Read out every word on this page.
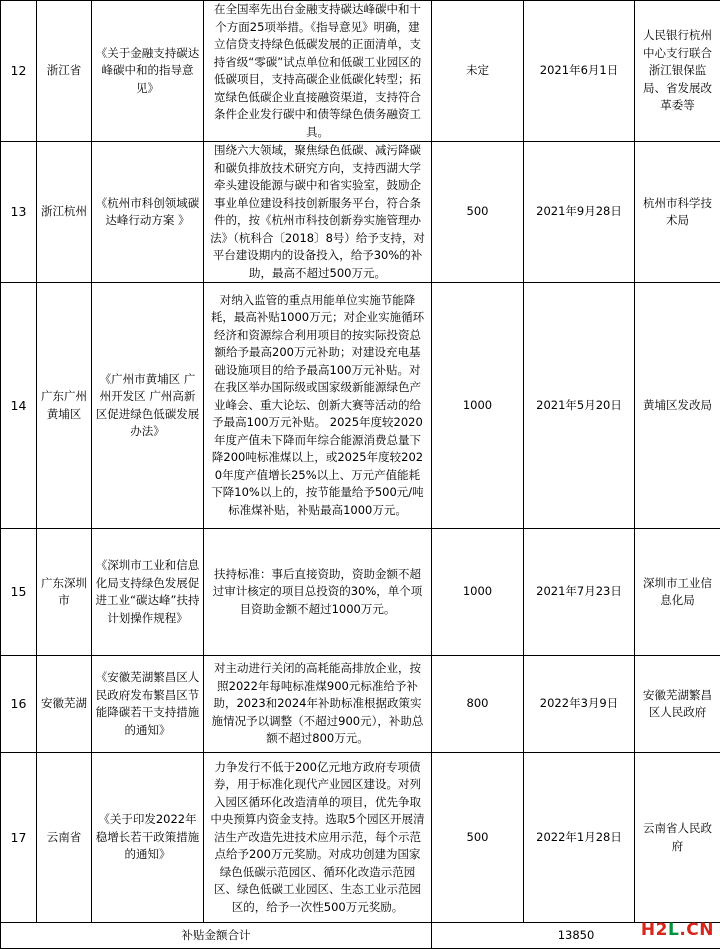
12	浙江省	《关于金融支持碳达峰碳中和的指导意见》	在全国率先出台金融支持碳达峰碳中和十个方面25项举措。《指导意见》明确，建立信贷支持绿色低碳发展的正面清单，支持省级“零碳”试点单位和低碳工业园区的低碳项目，支持高碳企业低碳化转型；拓宽绿色低碳企业直接融资渠道，支持符合条件企业发行碳中和债等绿色债务融资工具。	未定	2021年6月1日	人民银行杭州中心支行联合浙江银保监局、省发展改革委等
13	浙江杭州	《杭州市科创领域碳达峰行动方案 》	围绕六大领域，聚焦绿色低碳、减污降碳和碳负排放技术研究方向，支持西湖大学牵头建设能源与碳中和省实验室，鼓励企事业单位建设科技创新服务平台，符合条件的，按《杭州市科技创新券实施管理办法》（杭科合〔2018〕8号）给予支持，对平台建设期内的设备投入，给予30%的补助，最高不超过500万元。	500	2021年9月28日	杭州市科学技术局
14	广东广州黄埔区	《广州市黄埔区 广州开发区 广州高新区促进绿色低碳发展办法》	对纳入监管的重点用能单位实施节能降耗，最高补贴1000万元；对企业实施循环经济和资源综合利用项目的按实际投资总额给予最高200万元补助；对建设充电基础设施项目的给予最高100万元补贴。对在我区举办国际级或国家级新能源绿色产业峰会、重大论坛、创新大赛等活动的给予最高100万元补贴。 2025年度较2020年度产值未下降而年综合能源消费总量下降200吨标准煤以上，或2025年度较2020年度产值增长25%以上、万元产值能耗下降10%以上的，按节能量给予500元/吨标准煤补贴，补贴最高1000万元。	1000	2021年5月20日	黄埔区发改局
15	广东深圳市	《深圳市工业和信息化局支持绿色发展促进工业“碳达峰”扶持计划操作规程》	扶持标准：事后直接资助，资助金额不超过审计核定的项目总投资的30%，单个项目资助金额不超过1000万元。	1000	2021年7月23日	深圳市工业信息化局
16	安徽芜湖	《安徽芜湖繁昌区人民政府发布繁昌区节能降碳若干支持措施的通知》	对主动进行关闭的高耗能高排放企业，按照2022年每吨标准煤900元标准给予补助，2023和2024年补助标准根据政策实施情况予以调整（不超过900元），补助总额不超过800万元。	800	2022年3月9日	安徽芜湖繁昌区人民政府
17	云南省	《关于印发2022年稳增长若干政策措施的通知》	力争发行不低于200亿元地方政府专项债券，用于标准化现代产业园区建设。对列入园区循环化改造清单的项目，优先争取中央预算内资金支持。选取5个园区开展清洁生产改造先进技术应用示范，每个示范点给予200万元奖励。对成功创建为国家绿色低碳示范园区、循环化改造示范园区、绿色低碳工业园区、生态工业示范园区的，给予一次性500万元奖励。	500	2022年1月28日	云南省人民政府
补贴金额合计				13850			H2L.CN
